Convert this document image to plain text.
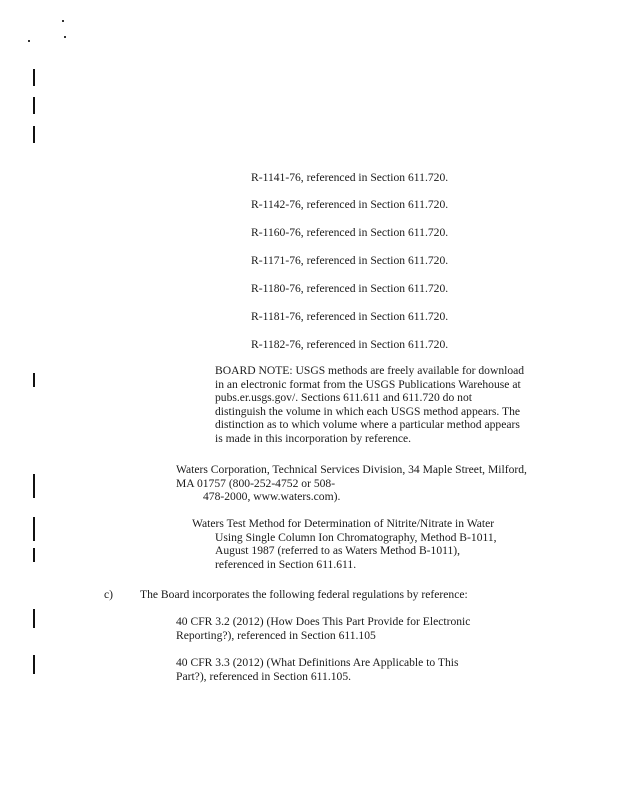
R-1141-76, referenced in Section 611.720.
R-1142-76, referenced in Section 611.720.
R-1160-76, referenced in Section 611.720.
R-1171-76, referenced in Section 611.720.
R-1180-76, referenced in Section 611.720.
R-1181-76, referenced in Section 611.720.
R-1182-76, referenced in Section 611.720.
BOARD NOTE: USGS methods are freely available for download
in an electronic format from the USGS Publications Warehouse at
pubs.er.usgs.gov/. Sections 611.611 and 611.720 do not
distinguish the volume in which each USGS method appears. The
distinction as to which volume where a particular method appears
is made in this incorporation by reference.
Waters Corporation, Technical Services Division, 34 Maple Street, Milford,
MA 01757 (800-252-4752 or 508-
478-2000, www.waters.com).
Waters Test Method for Determination of Nitrite/Nitrate in Water
Using Single Column Ion Chromatography, Method B-1011,
August 1987 (referred to as Waters Method B-1011),
referenced in Section 611.611.
c) The Board incorporates the following federal regulations by reference:
40 CFR 3.2 (2012) (How Does This Part Provide for Electronic
Reporting?), referenced in Section 611.105
40 CFR 3.3 (2012) (What Definitions Are Applicable to This
Part?), referenced in Section 611.105.
